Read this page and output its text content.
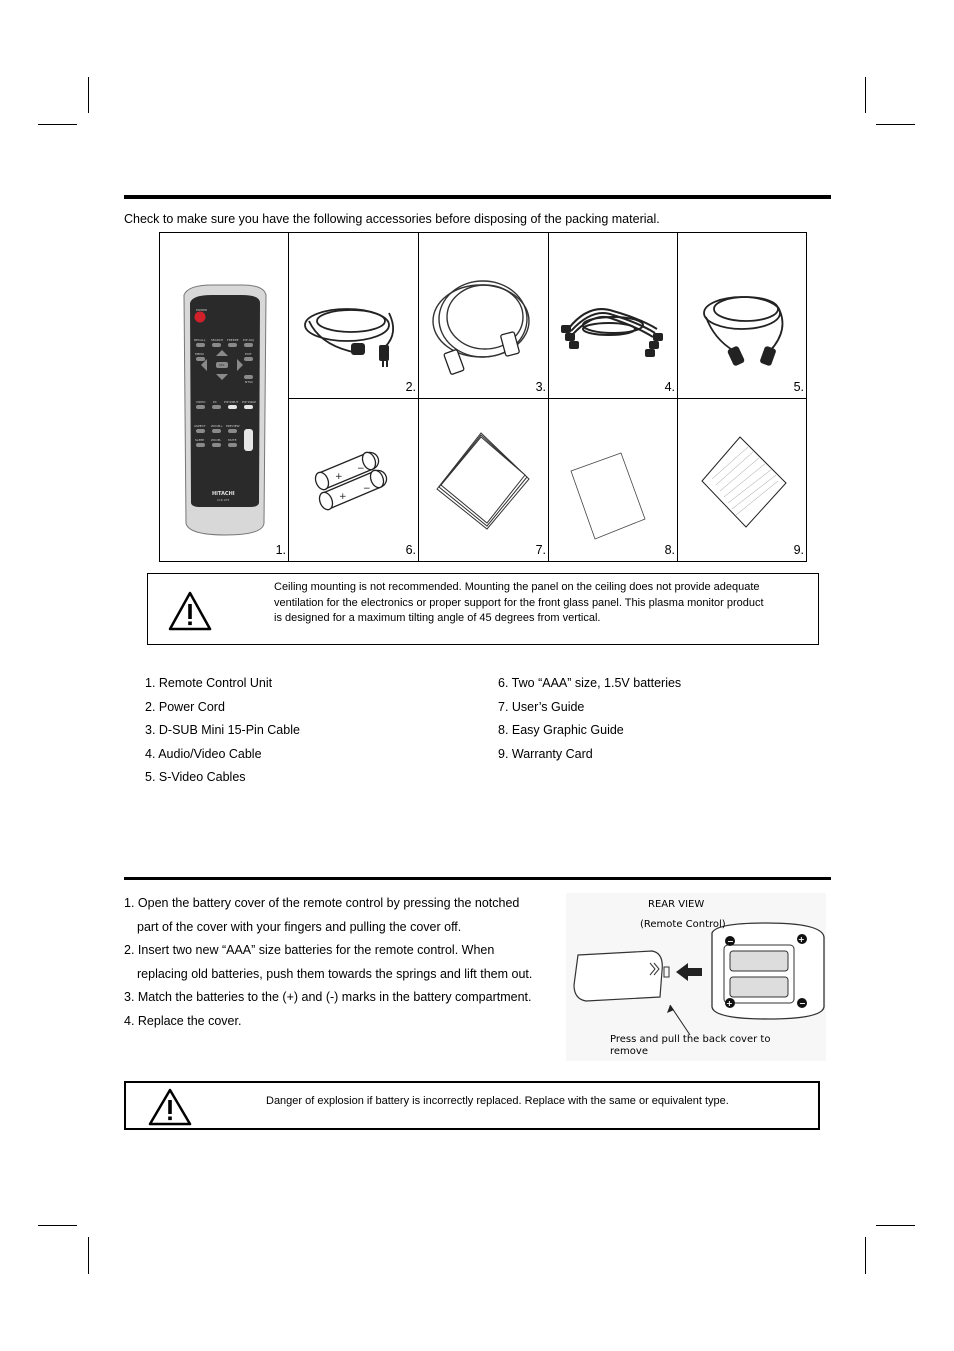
Check to make sure you have the following accessories before disposing of the packing material.
POWER
RECALL SEARCH FREEZE PIP ADJ
MENU	EXIT
SEL
NTSC
VIDEO PC PIP INPUT PIP SWAP
ASPECT ZOOM+ PREVIEW
SLEEP ZOOM- MUTE
HITACHI
CLE-975
1.
2.	3.	4.	5.
+
+
−
−
6.	7.	8.	9.
Ceiling mounting is not recommended. Mounting the panel on the ceiling does not provide adequate
ventilation for the electronics or proper support for the front glass panel. This plasma monitor product
is designed for a maximum tilting angle of 45 degrees from vertical.
1. Remote Control Unit
2. Power Cord
3. D-SUB Mini 15-Pin Cable
4. Audio/Video Cable
5. S-Video Cables
6. Two “AAA” size, 1.5V batteries
7. User’s Guide
8. Easy Graphic Guide
9. Warranty Card
1. Open the battery cover of the remote control by pressing the notched
part of the cover with your fingers and pulling the cover off.
2. Insert two new “AAA” size batteries for the remote control. When
replacing old batteries, push them towards the springs and lift them out.
3. Match the batteries to the (+) and (-) marks in the battery compartment.
4. Replace the cover.
−	+
+	−
REAR VIEW
(Remote Control)
Press and pull the back cover to
remove
Danger of explosion if battery is incorrectly replaced. Replace with the same or equivalent type.
